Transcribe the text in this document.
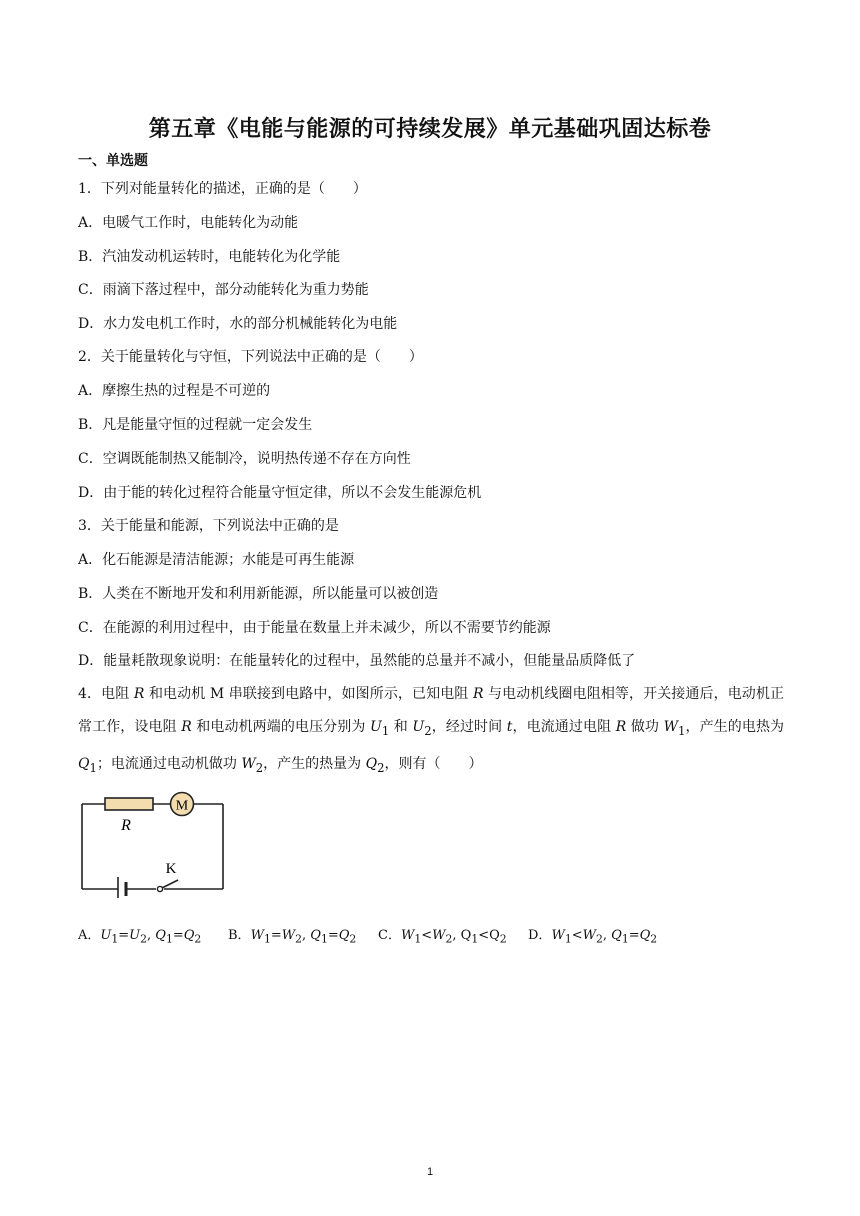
第五章《电能与能源的可持续发展》单元基础巩固达标卷
一、单选题
1．下列对能量转化的描述，正确的是（　　）
A．电暖气工作时，电能转化为动能
B．汽油发动机运转时，电能转化为化学能
C．雨滴下落过程中，部分动能转化为重力势能
D．水力发电机工作时，水的部分机械能转化为电能
2．关于能量转化与守恒，下列说法中正确的是（　　）
A．摩擦生热的过程是不可逆的
B．凡是能量守恒的过程就一定会发生
C．空调既能制热又能制冷，说明热传递不存在方向性
D．由于能的转化过程符合能量守恒定律，所以不会发生能源危机
3．关于能量和能源，下列说法中正确的是
A．化石能源是清洁能源；水能是可再生能源
B．人类在不断地开发和利用新能源，所以能量可以被创造
C．在能源的利用过程中，由于能量在数量上并未减少，所以不需要节约能源
D．能量耗散现象说明：在能量转化的过程中，虽然能的总量并不减小，但能量品质降低了
4．电阻 R 和电动机 M 串联接到电路中，如图所示，已知电阻 R 与电动机线圈电阻相等，开关接通后，电动机正常工作，设电阻 R 和电动机两端的电压分别为 $U_1$ 和 $U_2$，经过时间 t，电流通过电阻 R 做功 $W_1$，产生的电热为 $Q_1$；电流通过电动机做功 $W_2$，产生的热量为 $Q_2$，则有（　　）
M
R
K
A．$U_1=U_2$, $Q_1=Q_2$ B．$W_1=W_2$, $Q_1=Q_2$ C．$W_1<W_2$, $Q_1<Q_2$ D．$W_1<W_2$, $Q_1=Q_2$
1
